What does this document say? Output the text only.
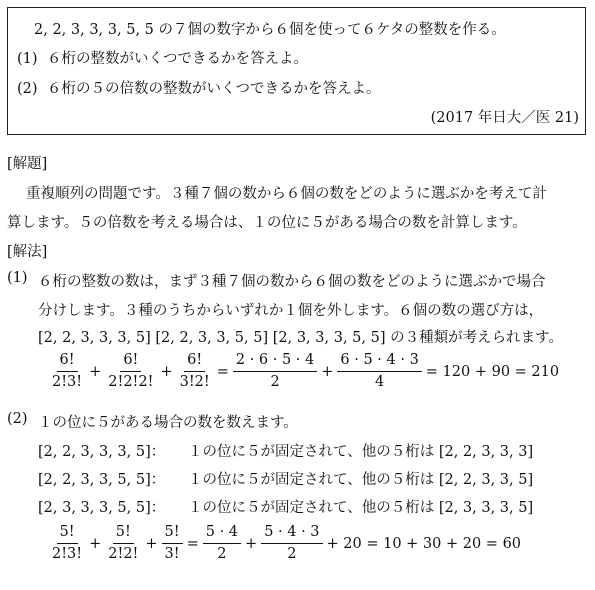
2, 2, 3, 3, 3, 5, 5 の７個の数字から６個を使って６ケタの整数を作る。
(1) ６桁の整数がいくつできるかを答えよ。
(2) ６桁の５の倍数の整数がいくつできるかを答えよ。
(2017 年日大／医 21)
[解題]
重複順列の問題です。３種７個の数から６個の数をどのように選ぶかを考えて計
算します。５の倍数を考える場合は、１の位に５がある場合の数を計算します。
[解法]
(1) ６桁の整数の数は，まず３種７個の数から６個の数をどのように選ぶかで場合
分けします。３種のうちからいずれか１個を外します。６個の数の選び方は，
[2, 2, 3, 3, 3, 5] [2, 2, 3, 3, 5, 5] [2, 3, 3, 3, 5, 5] の３種類が考えられます。
$\frac{6!}{2!3!} + \frac{6!}{2!2!2!} + \frac{6!}{3!2!} = \frac{2 \cdot 6 \cdot 5 \cdot 4}{2} + \frac{6 \cdot 5 \cdot 4 \cdot 3}{4} = 120 + 90 = 210$
(2) １の位に５がある場合の数を数えます。
[2, 2, 3, 3, 3, 5]： １の位に５が固定されて、他の５桁は [2, 2, 3, 3, 3]
[2, 2, 3, 3, 5, 5]： １の位に５が固定されて、他の５桁は [2, 2, 3, 3, 5]
[2, 3, 3, 3, 5, 5]： １の位に５が固定されて、他の５桁は [2, 3, 3, 3, 5]
$\frac{5!}{2!3!} + \frac{5!}{2!2!} + \frac{5!}{3!} = \frac{5 \cdot 4}{2} + \frac{5 \cdot 4 \cdot 3}{2} + 20 = 10 + 30 + 20 = 60$
